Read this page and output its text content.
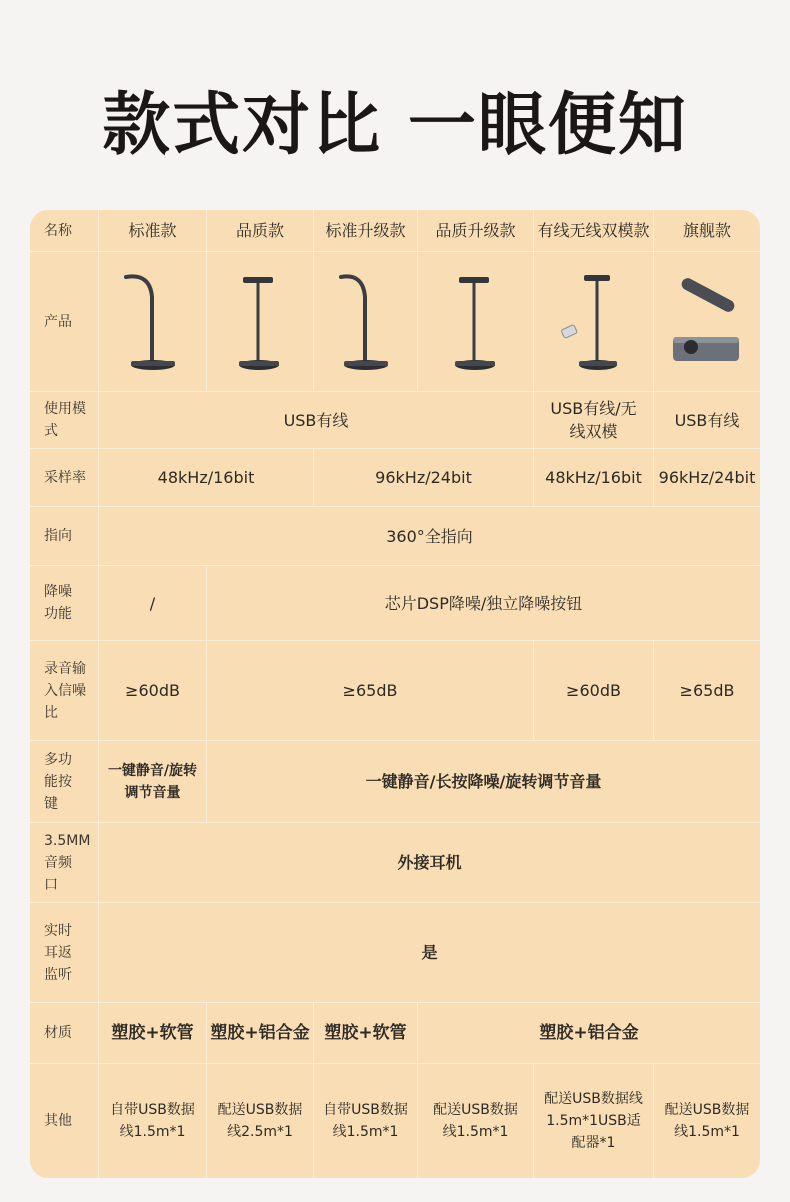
款式对比 一眼便知
名称	标准款	品质款	标准升级款	品质升级款	有线无线双模款	旗舰款
产品	

使用模式	USB有线				USB有线/无线双模	USB有线
采样率	48kHz/16bit		96kHz/24bit		48kHz/16bit	96kHz/24bit
指向	360°全指向					
降噪功能	/	芯片DSP降噪/独立降噪按钮				
录音输入信噪比	≥60dB	≥65dB			≥60dB	≥65dB
多功能按键	一键静音/旋转调节音量	一键静音/长按降噪/旋转调节音量				
3.5MM音频口	外接耳机					
实时耳返监听	是					
材质	塑胶+软管	塑胶+铝合金	塑胶+软管	塑胶+铝合金		
其他	自带USB数据线1.5m*1	配送USB数据线2.5m*1	自带USB数据线1.5m*1	配送USB数据线1.5m*1	配送USB数据线1.5m*1USB适配器*1	配送USB数据线1.5m*1
